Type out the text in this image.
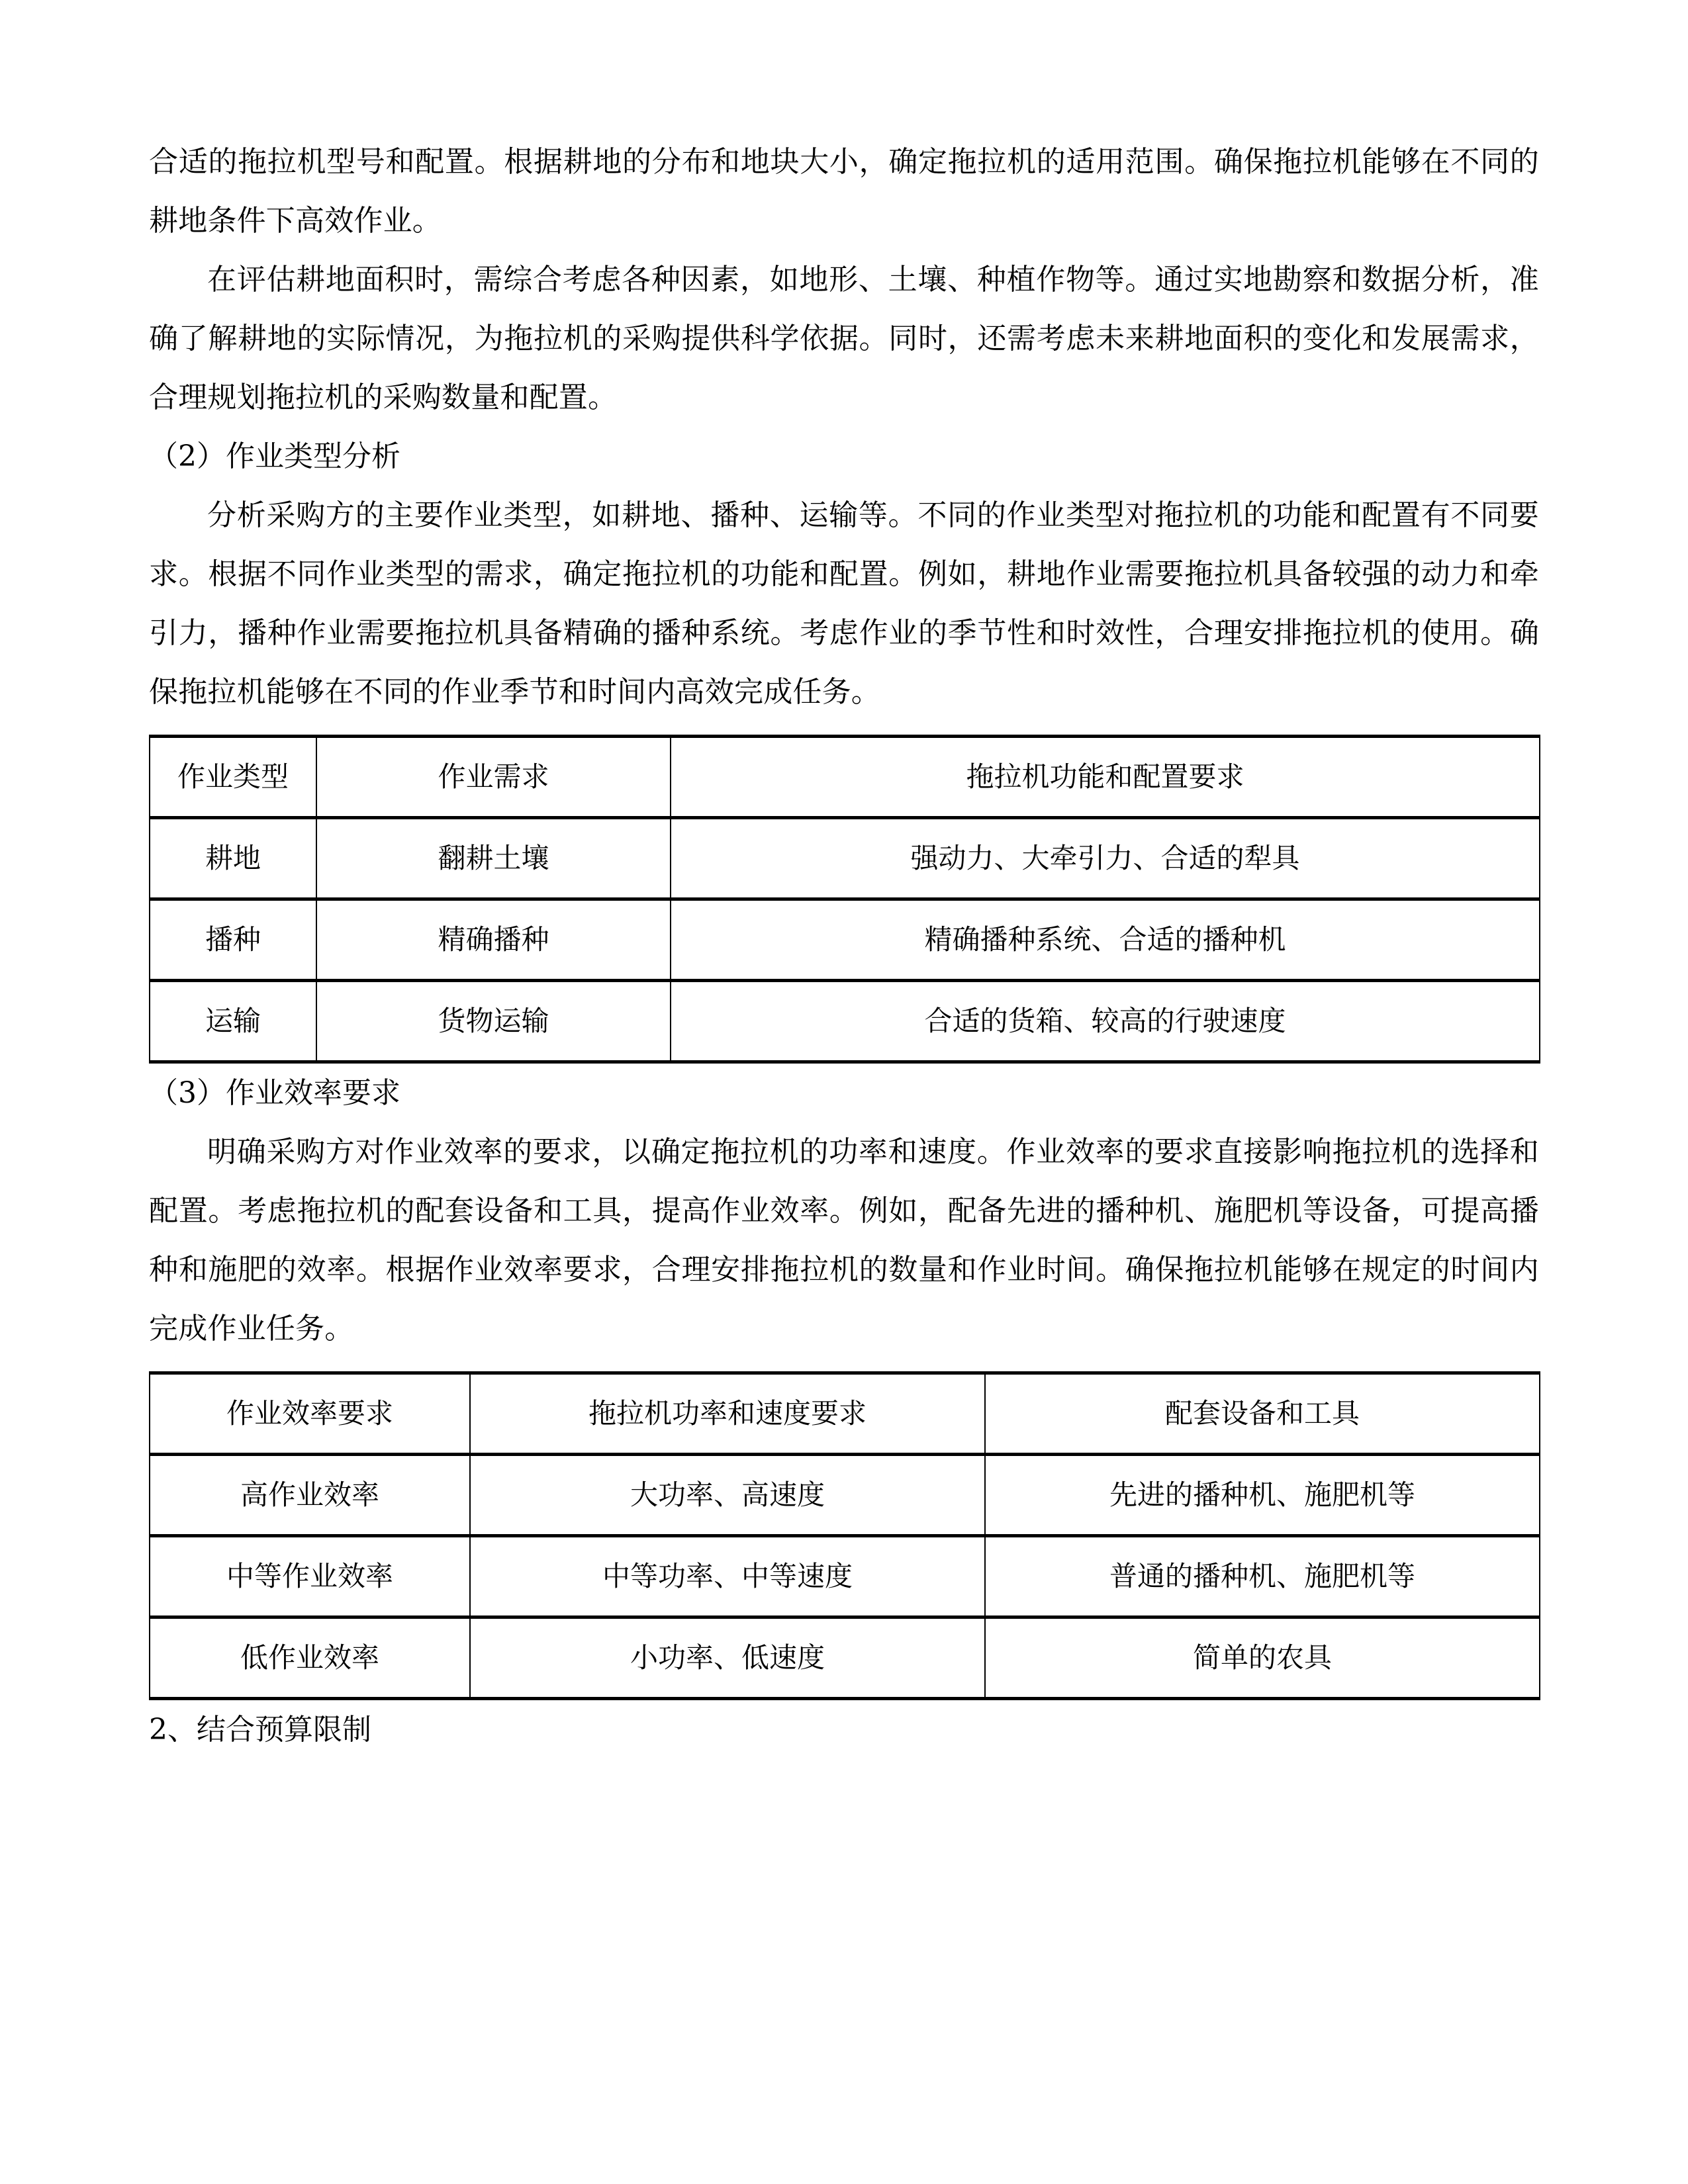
合适的拖拉机型号和配置。根据耕地的分布和地块大小，确定拖拉机的适用范围。确保拖拉机能够在不同的耕地条件下高效作业。

在评估耕地面积时，需综合考虑各种因素，如地形、土壤、种植作物等。通过实地勘察和数据分析，准确了解耕地的实际情况，为拖拉机的采购提供科学依据。同时，还需考虑未来耕地面积的变化和发展需求，合理规划拖拉机的采购数量和配置。

（2）作业类型分析

分析采购方的主要作业类型，如耕地、播种、运输等。不同的作业类型对拖拉机的功能和配置有不同要求。根据不同作业类型的需求，确定拖拉机的功能和配置。例如，耕地作业需要拖拉机具备较强的动力和牵引力，播种作业需要拖拉机具备精确的播种系统。考虑作业的季节性和时效性，合理安排拖拉机的使用。确保拖拉机能够在不同的作业季节和时间内高效完成任务。

作业类型	作业需求	拖拉机功能和配置要求
耕地	翻耕土壤	强动力、大牵引力、合适的犁具
播种	精确播种	精确播种系统、合适的播种机
运输	货物运输	合适的货箱、较高的行驶速度

（3）作业效率要求

明确采购方对作业效率的要求，以确定拖拉机的功率和速度。作业效率的要求直接影响拖拉机的选择和配置。考虑拖拉机的配套设备和工具，提高作业效率。例如，配备先进的播种机、施肥机等设备，可提高播种和施肥的效率。根据作业效率要求，合理安排拖拉机的数量和作业时间。确保拖拉机能够在规定的时间内完成作业任务。

作业效率要求	拖拉机功率和速度要求	配套设备和工具
高作业效率	大功率、高速度	先进的播种机、施肥机等
中等作业效率	中等功率、中等速度	普通的播种机、施肥机等
低作业效率	小功率、低速度	简单的农具

2、结合预算限制
